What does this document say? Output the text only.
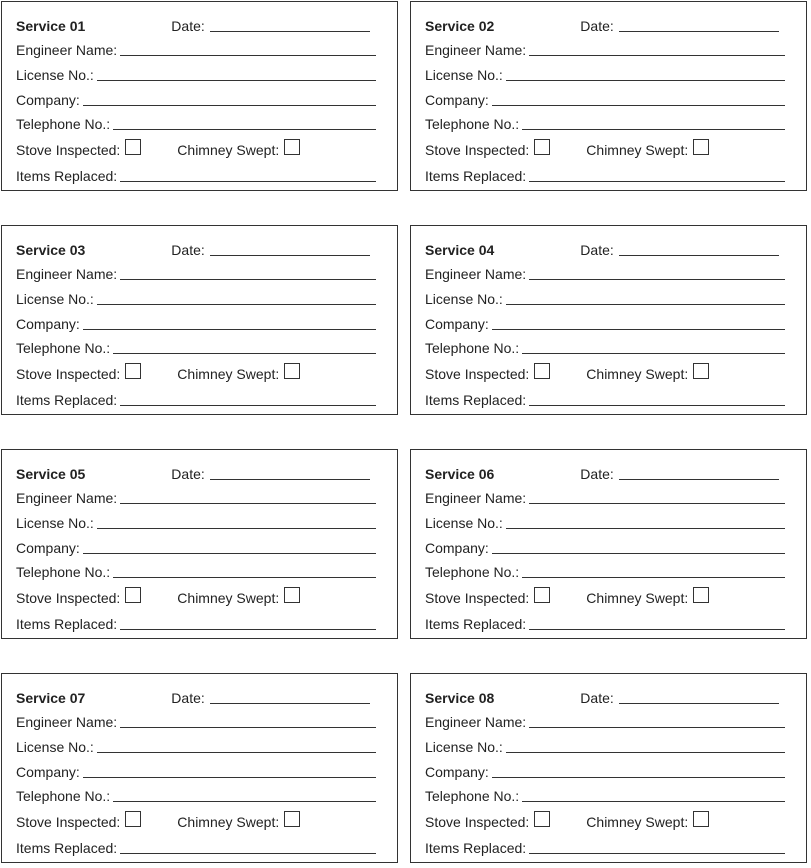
Service 01	Date:
Engineer Name:
License No.:
Company:
Telephone No.:
Stove Inspected:	Chimney Swept:
Items Replaced:
Service 02	Date:
Engineer Name:
License No.:
Company:
Telephone No.:
Stove Inspected:	Chimney Swept:
Items Replaced:
Service 03	Date:
Engineer Name:
License No.:
Company:
Telephone No.:
Stove Inspected:	Chimney Swept:
Items Replaced:
Service 04	Date:
Engineer Name:
License No.:
Company:
Telephone No.:
Stove Inspected:	Chimney Swept:
Items Replaced:
Service 05	Date:
Engineer Name:
License No.:
Company:
Telephone No.:
Stove Inspected:	Chimney Swept:
Items Replaced:
Service 06	Date:
Engineer Name:
License No.:
Company:
Telephone No.:
Stove Inspected:	Chimney Swept:
Items Replaced:
Service 07	Date:
Engineer Name:
License No.:
Company:
Telephone No.:
Stove Inspected:	Chimney Swept:
Items Replaced:
Service 08	Date:
Engineer Name:
License No.:
Company:
Telephone No.:
Stove Inspected:	Chimney Swept:
Items Replaced:
